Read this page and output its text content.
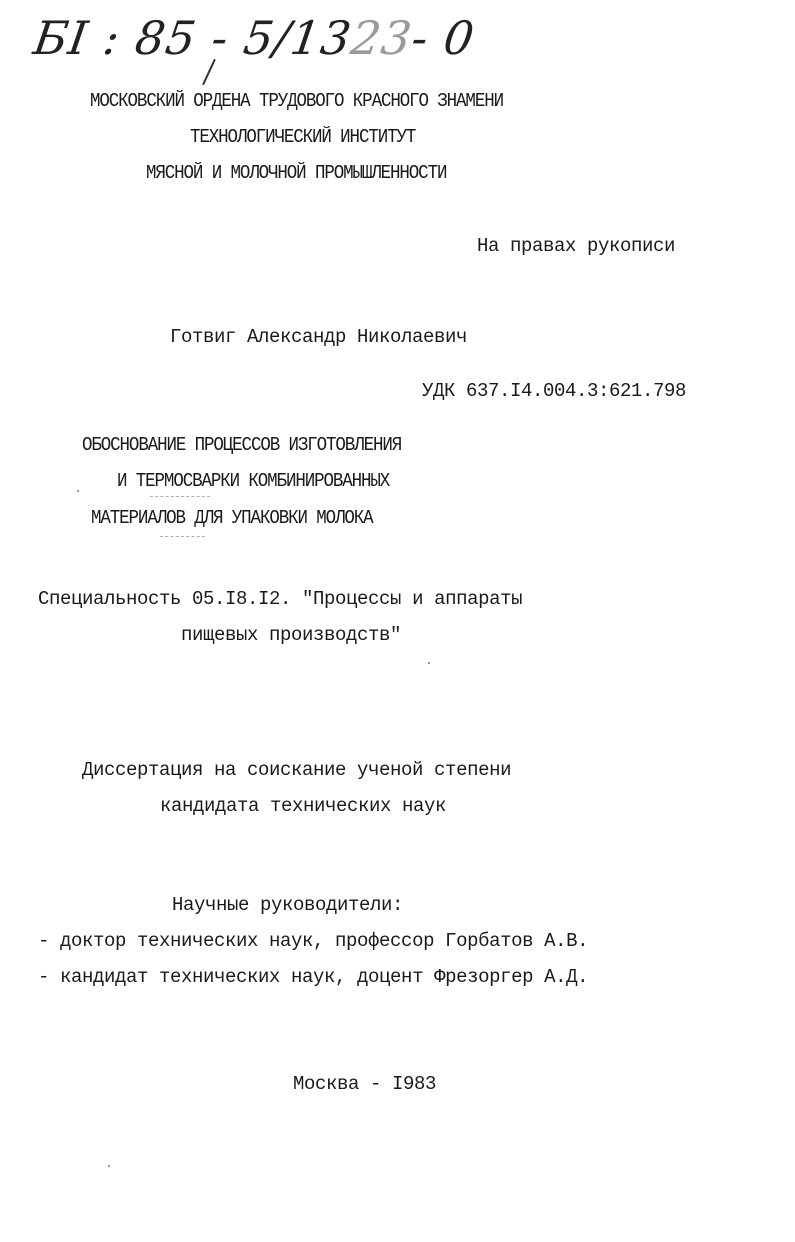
БI : 85 - 5/1323- 0
МОСКОВСКИЙ ОРДЕНА ТРУДОВОГО КРАСНОГО ЗНАМЕНИ
ТЕХНОЛОГИЧЕСКИЙ ИНСТИТУТ
МЯСНОЙ И МОЛОЧНОЙ ПРОМЫШЛЕННОСТИ
На правах рукописи
Готвиг Александр Николаевич
УДК 637.I4.004.3:621.798
ОБОСНОВАНИЕ ПРОЦЕССОВ ИЗГОТОВЛЕНИЯ
И ТЕРМОСВАРКИ КОМБИНИРОВАННЫХ
МАТЕРИАЛОВ ДЛЯ УПАКОВКИ МОЛОКА
Специальность 05.I8.I2. "Процессы и аппараты
пищевых производств"
Диссертация на соискание ученой степени
кандидата технических наук
Научные руководители:
- доктор технических наук, профессор Горбатов А.В.
- кандидат технических наук, доцент Фрезоргер А.Д.
Москва - I983
